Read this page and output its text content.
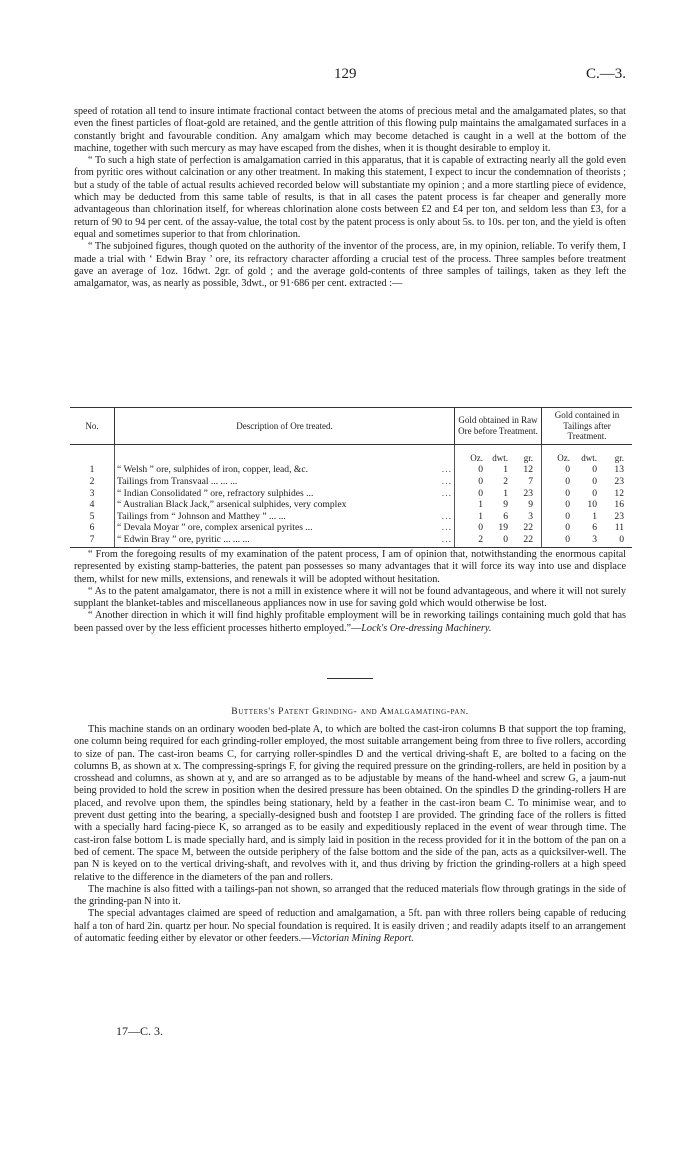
129	C.—3.

speed of rotation all tend to insure intimate fractional contact between the atoms of precious metal and the amalgamated plates, so that even the finest particles of float-gold are retained, and the gentle attrition of this flowing pulp maintains the amalgamated surfaces in a constantly bright and favourable condition. Any amalgam which may become detached is caught in a well at the bottom of the machine, together with such mercury as may have escaped from the dishes, when it is thought desirable to employ it.

“ To such a high state of perfection is amalgamation carried in this apparatus, that it is capable of extracting nearly all the gold even from pyritic ores without calcination or any other treatment. In making this statement, I expect to incur the condemnation of theorists ; but a study of the table of actual results achieved recorded below will substantiate my opinion ; and a more startling piece of evidence, which may be deducted from this same table of results, is that in all cases the patent process is far cheaper and generally more advantageous than chlorination itself, for whereas chlorination alone costs between £2 and £4 per ton, and seldom less than £3, for a return of 90 to 94 per cent. of the assay-value, the total cost by the patent process is only about 5s. to 10s. per ton, and the yield is often equal and sometimes superior to that from chlorination.

“ The subjoined figures, though quoted on the authority of the inventor of the process, are, in my opinion, reliable. To verify them, I made a trial with ‘ Edwin Bray ’ ore, its refractory character affording a crucial test of the process. Three samples before treatment gave an average of 1oz. 16dwt. 2gr. of gold ; and the average gold-contents of three samples of tailings, taken as they left the amalgamator, was, as nearly as possible, 3dwt., or 91·686 per cent. extracted :—

No.	Description of Ore treated.	Gold obtained in Raw Ore before Treatment.	Gold contained in Tailings after Treatment.

		Oz. dwt. gr.	Oz. dwt. gr.

1	“ Welsh ” ore, sulphides of iron, copper, lead, &c. ...	0 1 12	0 0 13

2	Tailings from Transvaal ... ... ... ...	0 2 7	0 0 23

3	“ Indian Consolidated ” ore, refractory sulphides ... ...	0 1 23	0 0 12

4	“ Australian Black Jack,” arsenical sulphides, very complex	1 9 9	0 10 16

5	Tailings from “ Johnson and Matthey ” ... ... ...	1 6 3	0 1 23

6	“ Devala Moyar ” ore, complex arsenical pyrites ... ...	0 19 22	0 6 11

7	“ Edwin Bray ” ore, pyritic ... ... ... ...	2 0 22	0 3 0

“ From the foregoing results of my examination of the patent process, I am of opinion that, notwithstanding the enormous capital represented by existing stamp-batteries, the patent pan possesses so many advantages that it will force its way into use and displace them, whilst for new mills, extensions, and renewals it will be adopted without hesitation.

“ As to the patent amalgamator, there is not a mill in existence where it will not be found advantageous, and where it will not surely supplant the blanket-tables and miscellaneous appliances now in use for saving gold which would otherwise be lost.

“ Another direction in which it will find highly profitable employment will be in reworking tailings containing much gold that has been passed over by the less efficient processes hitherto employed.”—Lock's Ore-dressing Machinery.

Butters's Patent Grinding- and Amalgamating-pan.

This machine stands on an ordinary wooden bed-plate A, to which are bolted the cast-iron columns B that support the top framing, one column being required for each grinding-roller employed, the most suitable arrangement being from three to five rollers, according to size of pan. The cast-iron beams C, for carrying roller-spindles D and the vertical driving-shaft E, are bolted to a facing on the columns B, as shown at x. The compressing-springs F, for giving the required pressure on the grinding-rollers, are held in position by a crosshead and columns, as shown at y, and are so arranged as to be adjustable by means of the hand-wheel and screw G, a jaum-nut being provided to hold the screw in position when the desired pressure has been obtained. On the spindles D the grinding-rollers H are placed, and revolve upon them, the spindles being stationary, held by a feather in the cast-iron beam C. To minimise wear, and to prevent dust getting into the bearing, a specially-designed bush and footstep I are provided. The grinding face of the rollers is fitted with a specially hard facing-piece K, so arranged as to be easily and expeditiously replaced in the event of wear through time. The cast-iron false bottom L is made specially hard, and is simply laid in position in the recess provided for it in the bottom of the pan on a bed of cement. The space M, between the outside periphery of the false bottom and the side of the pan, acts as a quicksilver-well. The pan N is keyed on to the vertical driving-shaft, and revolves with it, and thus driving by friction the grinding-rollers at a high speed relative to the difference in the diameters of the pan and rollers.

The machine is also fitted with a tailings-pan not shown, so arranged that the reduced materials flow through gratings in the side of the grinding-pan N into it.

The special advantages claimed are speed of reduction and amalgamation, a 5ft. pan with three rollers being capable of reducing half a ton of hard 2in. quartz per hour. No special foundation is required. It is easily driven ; and readily adapts itself to an arrangement of automatic feeding either by elevator or other feeders.—Victorian Mining Report.

17—C. 3.
